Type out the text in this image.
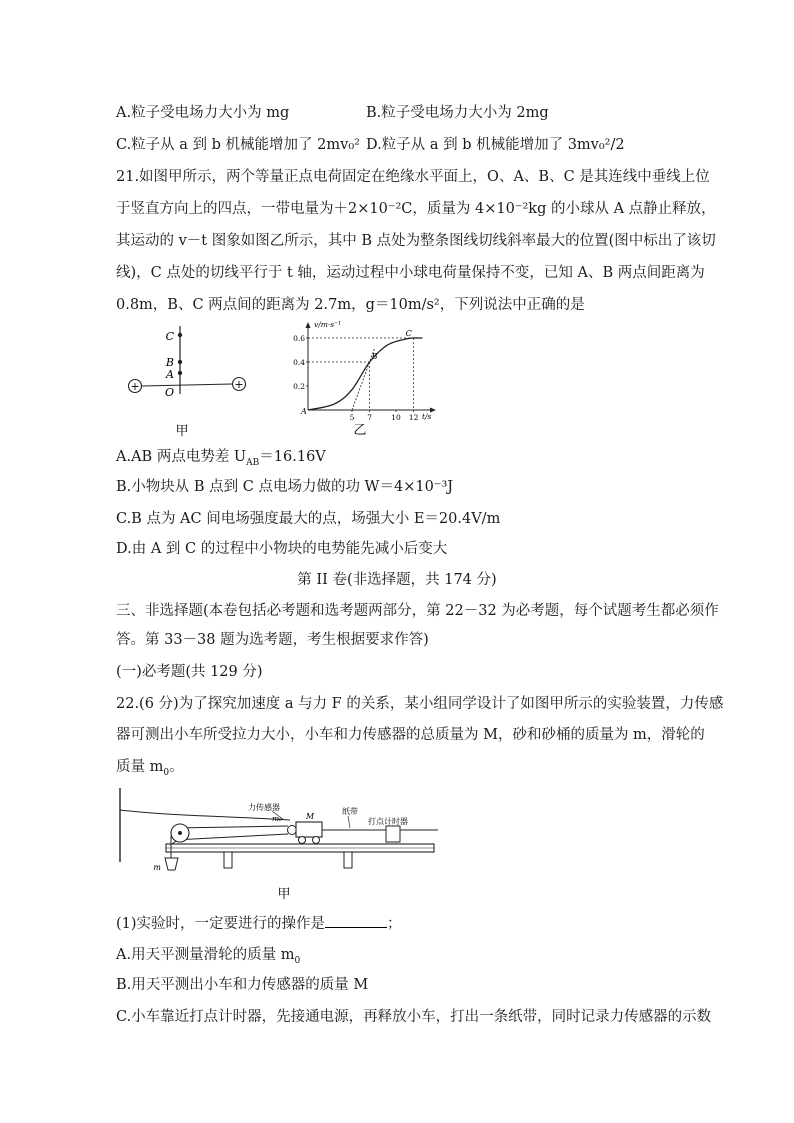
A.粒子受电场力大小为 mg	B.粒子受电场力大小为 2mg
C.粒子从 a 到 b 机械能增加了 2mv₀² D.粒子从 a 到 b 机械能增加了 3mv₀²/2
21.如图甲所示，两个等量正点电荷固定在绝缘水平面上，O、A、B、C 是其连线中垂线上位
于竖直方向上的四点，一带电量为＋2×10⁻²C，质量为 4×10⁻²kg 的小球从 A 点静止释放，
其运动的 v－t 图象如图乙所示，其中 B 点处为整条图线切线斜率最大的位置(图中标出了该切
线)，C 点处的切线平行于 t 轴，运动过程中小球电荷量保持不变，已知 A、B 两点间距离为
0.8m，B、C 两点间的距离为 2.7m，g＝10m/s²，下列说法中正确的是
C
B
A
O
+	+
甲
v/m·s⁻¹
t/s
0.6
0.4
0.2
5 7	10 12
A
B
C
乙
A.AB 两点电势差 $U_{AB}=16.16V$
B.小物块从 B 点到 C 点电场力做的功 W＝4×10⁻³J
C.B 点为 AC 间电场强度最大的点，场强大小 E＝20.4V/m
D.由 A 到 C 的过程中小物块的电势能先减小后变大
第 II 卷(非选择题，共 174 分)
三、非选择题(本卷包括必考题和选考题两部分，第 22－32 为必考题，每个试题考生都必须作
答。第 33－38 题为选考题，考生根据要求作答)
(一)必考题(共 129 分)
22.(6 分)为了探究加速度 a 与力 F 的关系，某小组同学设计了如图甲所示的实验装置，力传感
器可测出小车所受拉力大小，小车和力传感器的总质量为 M，砂和砂桶的质量为 m，滑轮的
质量 $m_0$。
m
力传感器
m₀	M
纸带
打点计时器
甲
(1)实验时，一定要进行的操作是	；
A.用天平测量滑轮的质量 $m_0$
B.用天平测出小车和力传感器的质量 M
C.小车靠近打点计时器，先接通电源，再释放小车，打出一条纸带，同时记录力传感器的示数
